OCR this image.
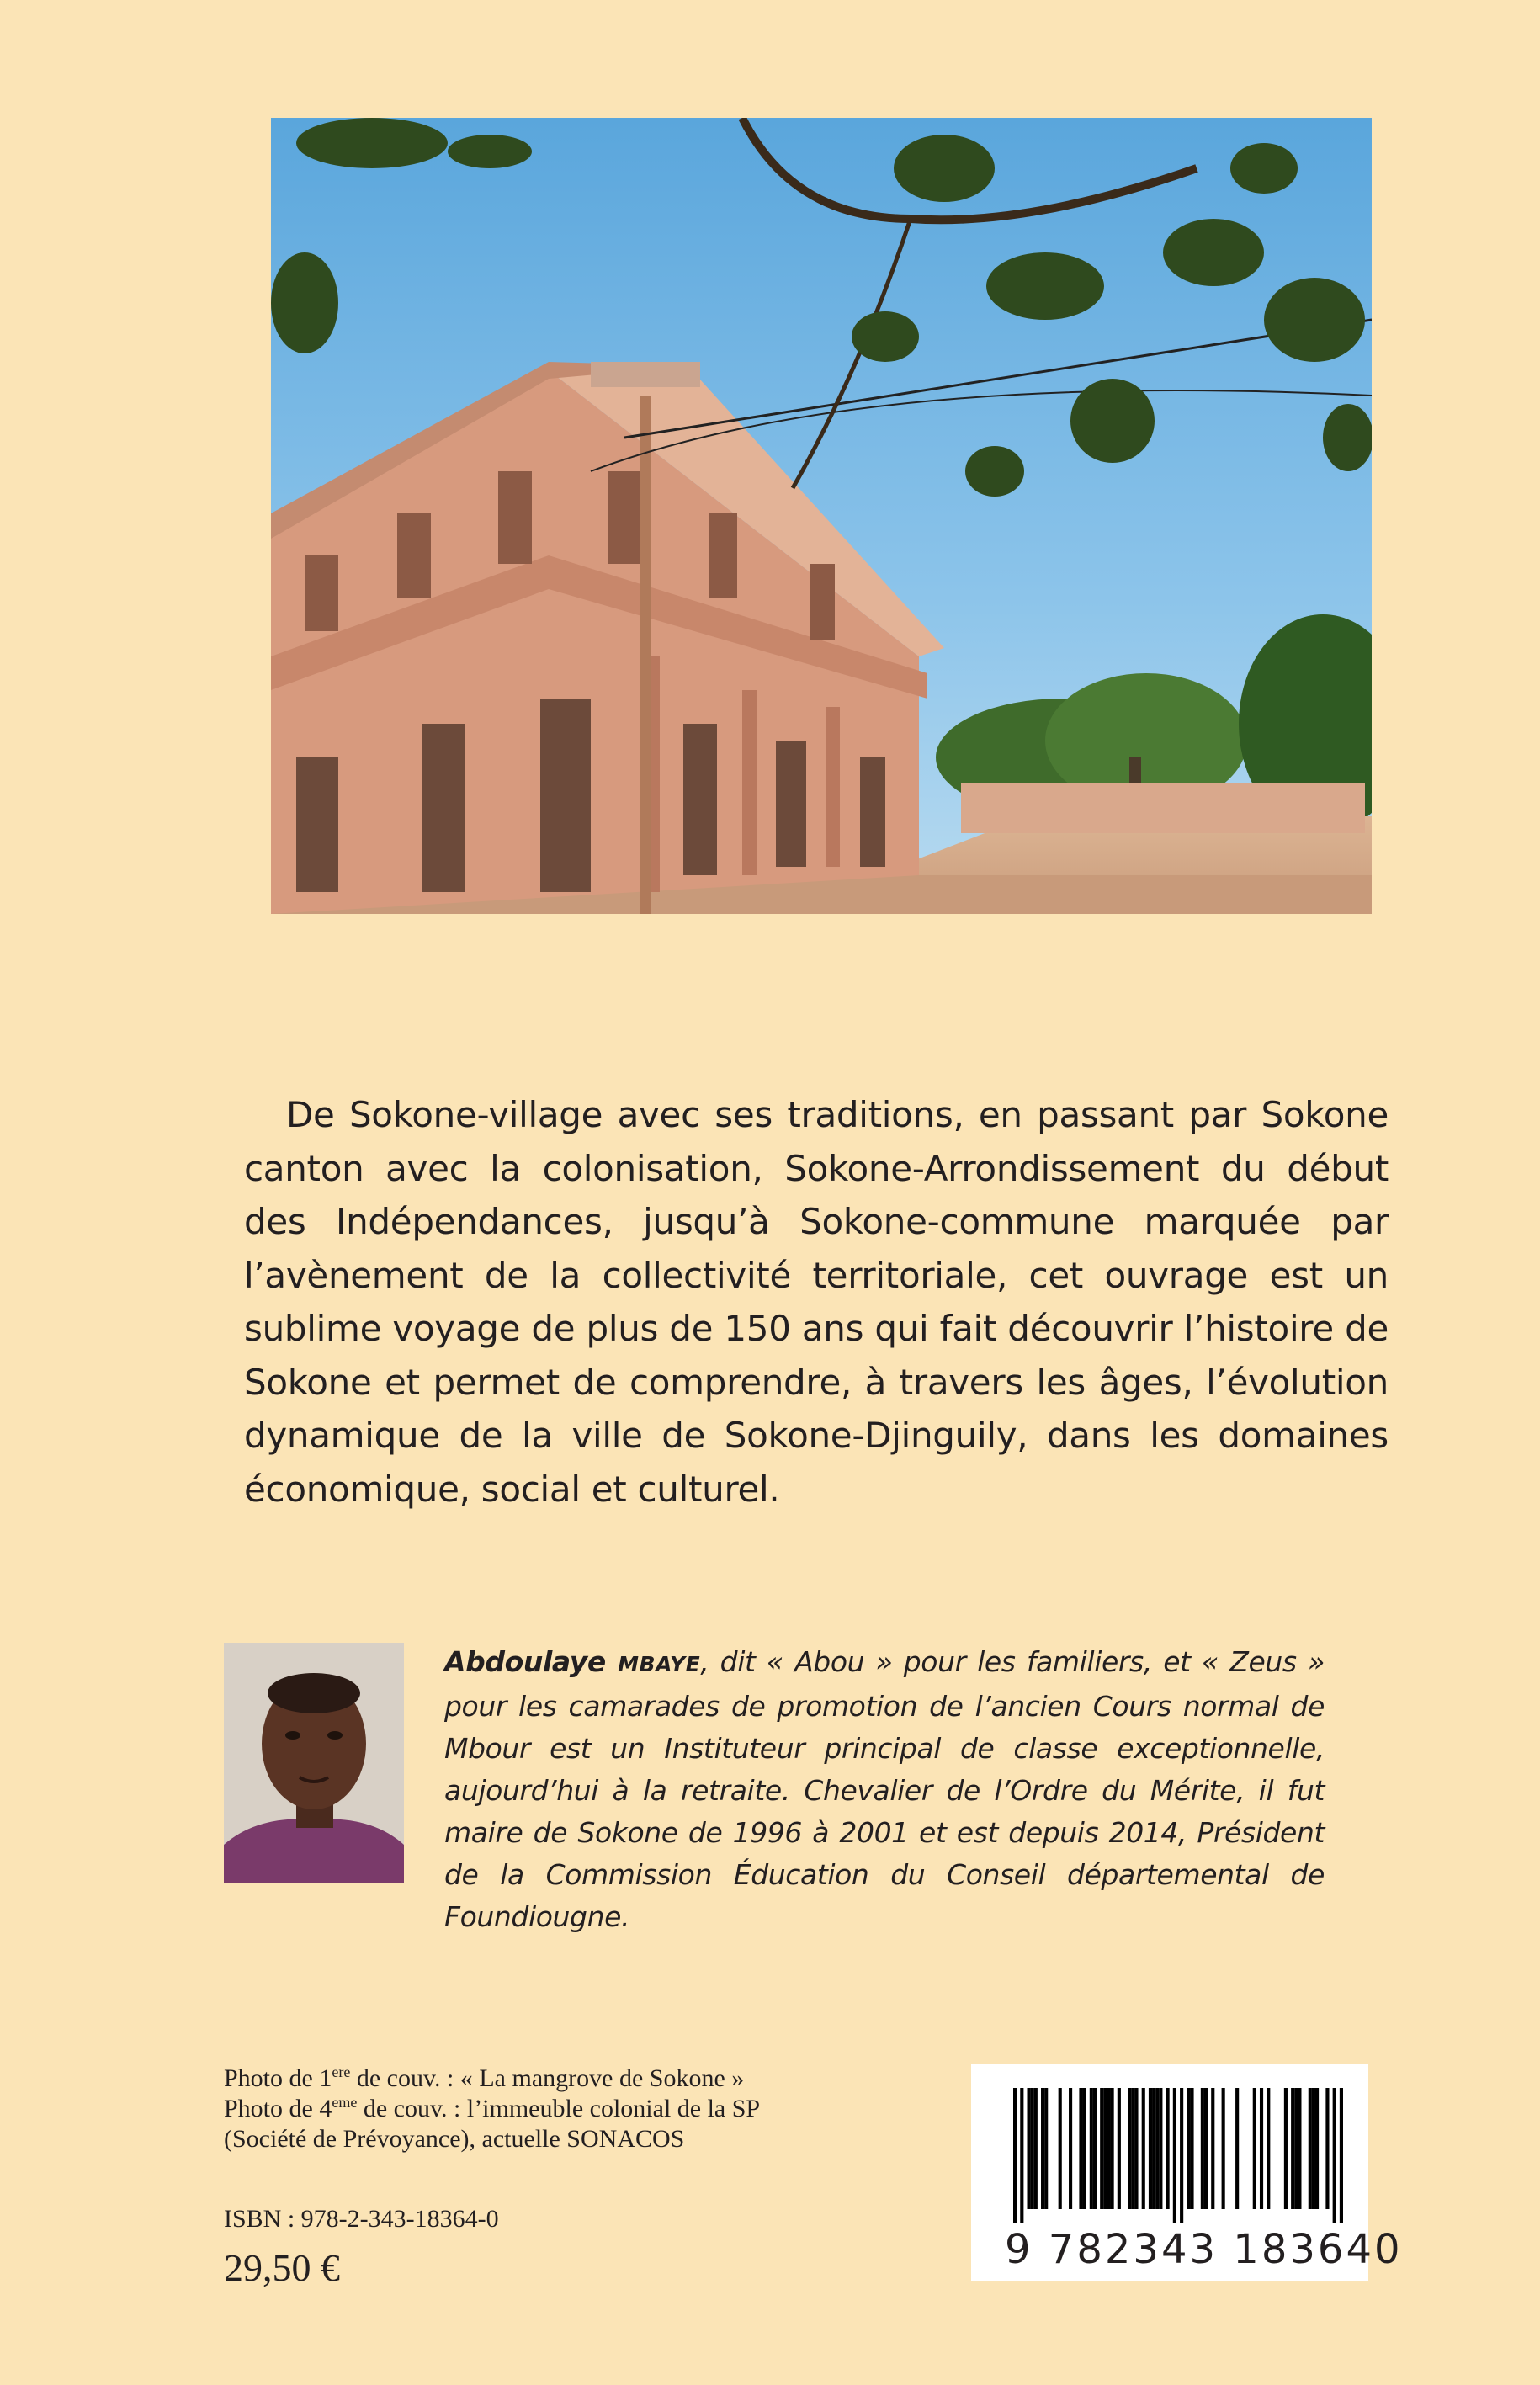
De Sokone-village avec ses traditions, en passant par Sokone canton avec la colonisation, Sokone-Arrondissement du début des Indépendances, jusqu’à Sokone-commune marquée par l’avènement de la collectivité territoriale, cet ouvrage est un sublime voyage de plus de 150 ans qui fait découvrir l’histoire de Sokone et permet de comprendre, à travers les âges, l’évolution dynamique de la ville de Sokone-Djinguily, dans les domaines économique, social et culturel.

Abdoulaye MBAYE, dit « Abou » pour les familiers, et « Zeus » pour les camarades de promotion de l’ancien Cours normal de Mbour est un Instituteur principal de classe exceptionnelle, aujourd’hui à la retraite. Chevalier de l’Ordre du Mérite, il fut maire de Sokone de 1996 à 2001 et est depuis 2014, Président de la Commission Éducation du Conseil départemental de Foundiougne.

Photo de 1ere de couv. : « La mangrove de Sokone »
Photo de 4eme de couv. : l’immeuble colonial de la SP
(Société de Prévoyance), actuelle SONACOS
ISBN : 978-2-343-18364-0
29,50 €	9 782343 183640
